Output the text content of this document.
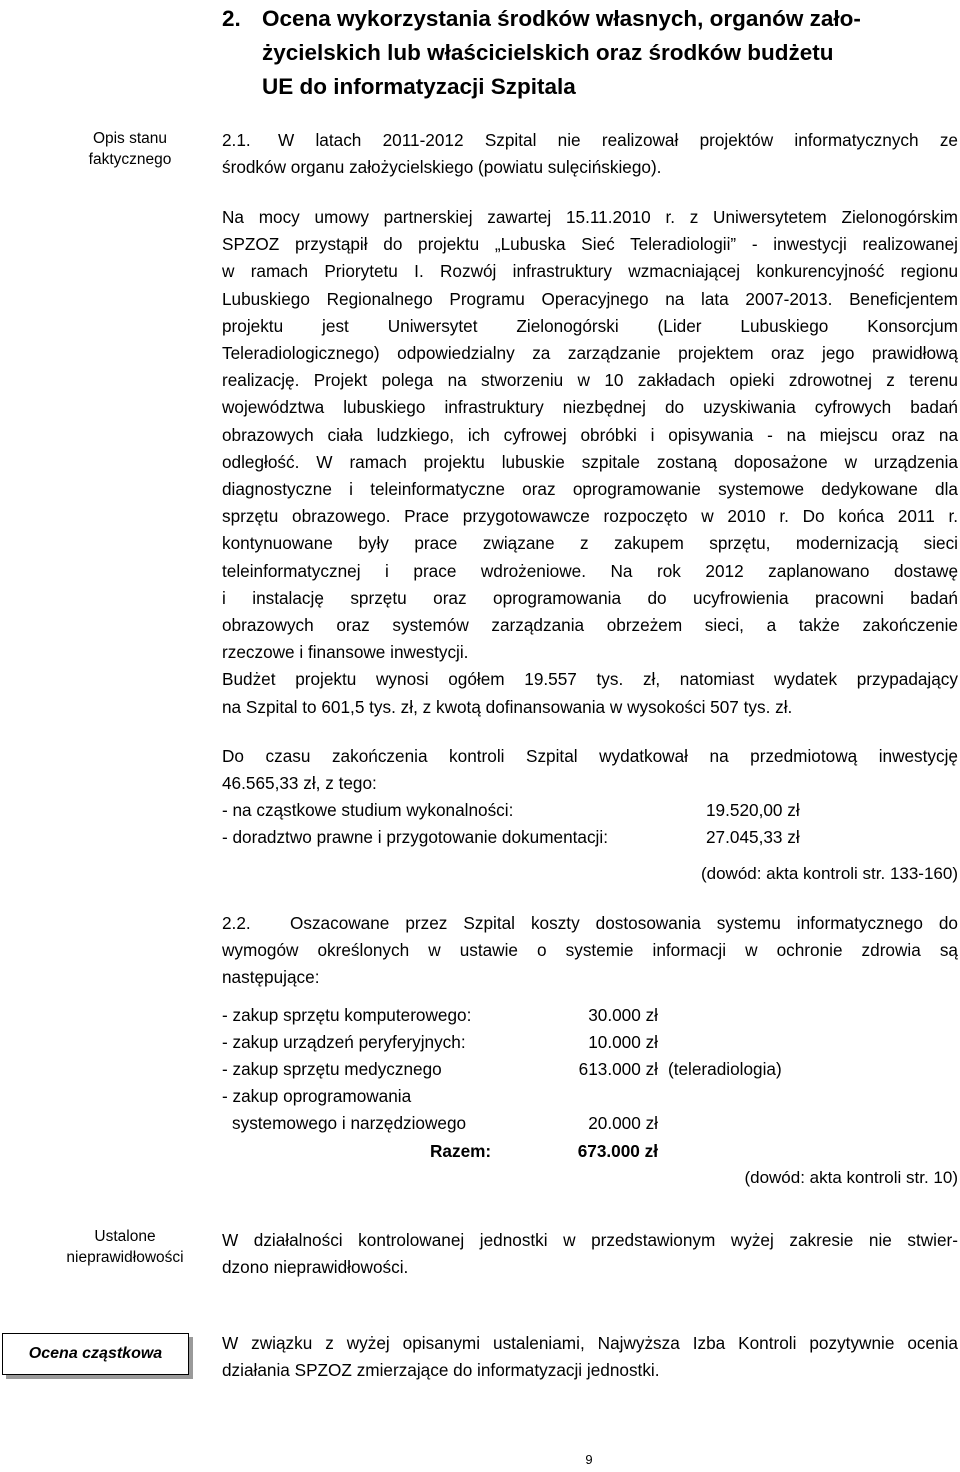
2. Ocena wykorzystania środków własnych, organów zało-
życielskich lub właścicielskich oraz środków budżetu
UE do informatyzacji Szpitala
Opis stanu
faktycznego
2.1. W latach 2011-2012 Szpital nie realizował projektów informatycznych ze
środków organu założycielskiego (powiatu sulęcińskiego).
Na mocy umowy partnerskiej zawartej 15.11.2010 r. z Uniwersytetem Zielonogórskim
SPZOZ przystąpił do projektu „Lubuska Sieć Teleradiologii” - inwestycji realizowanej
w ramach Priorytetu I. Rozwój infrastruktury wzmacniającej konkurencyjność regionu
Lubuskiego Regionalnego Programu Operacyjnego na lata 2007-2013. Beneficjentem
projektu jest Uniwersytet Zielonogórski (Lider Lubuskiego Konsorcjum
Teleradiologicznego) odpowiedzialny za zarządzanie projektem oraz jego prawidłową
realizację. Projekt polega na stworzeniu w 10 zakładach opieki zdrowotnej z terenu
województwa lubuskiego infrastruktury niezbędnej do uzyskiwania cyfrowych badań
obrazowych ciała ludzkiego, ich cyfrowej obróbki i opisywania - na miejscu oraz na
odległość. W ramach projektu lubuskie szpitale zostaną doposażone w urządzenia
diagnostyczne i teleinformatyczne oraz oprogramowanie systemowe dedykowane dla
sprzętu obrazowego. Prace przygotowawcze rozpoczęto w 2010 r. Do końca 2011 r.
kontynuowane były prace związane z zakupem sprzętu, modernizacją sieci
teleinformatycznej i prace wdrożeniowe. Na rok 2012 zaplanowano dostawę
i instalację sprzętu oraz oprogramowania do ucyfrowienia pracowni badań
obrazowych oraz systemów zarządzania obrzeżem sieci, a także zakończenie
rzeczowe i finansowe inwestycji.
Budżet projektu wynosi ogółem 19.557 tys. zł, natomiast wydatek przypadający
na Szpital to 601,5 tys. zł, z kwotą dofinansowania w wysokości 507 tys. zł.
Do czasu zakończenia kontroli Szpital wydatkował na przedmiotową inwestycję
46.565,33 zł, z tego:
- na cząstkowe studium wykonalności:	19.520,00 zł
- doradztwo prawne i przygotowanie dokumentacji:	27.045,33 zł
(dowód: akta kontroli str. 133-160)
2.2. Oszacowane przez Szpital koszty dostosowania systemu informatycznego do
wymogów określonych w ustawie o systemie informacji w ochronie zdrowia są
następujące:
- zakup sprzętu komputerowego:	30.000 zł
- zakup urządzeń peryferyjnych:	10.000 zł
- zakup sprzętu medycznego	613.000 zł (teleradiologia)
- zakup oprogramowania
systemowego i narzędziowego	20.000 zł
Razem:	673.000 zł
(dowód: akta kontroli str. 10)
Ustalone
nieprawidłowości
W działalności kontrolowanej jednostki w przedstawionym wyżej zakresie nie stwier-
dzono nieprawidłowości.
Ocena cząstkowa
W związku z wyżej opisanymi ustaleniami, Najwyższa Izba Kontroli pozytywnie ocenia
działania SPZOZ zmierzające do informatyzacji jednostki.
9
